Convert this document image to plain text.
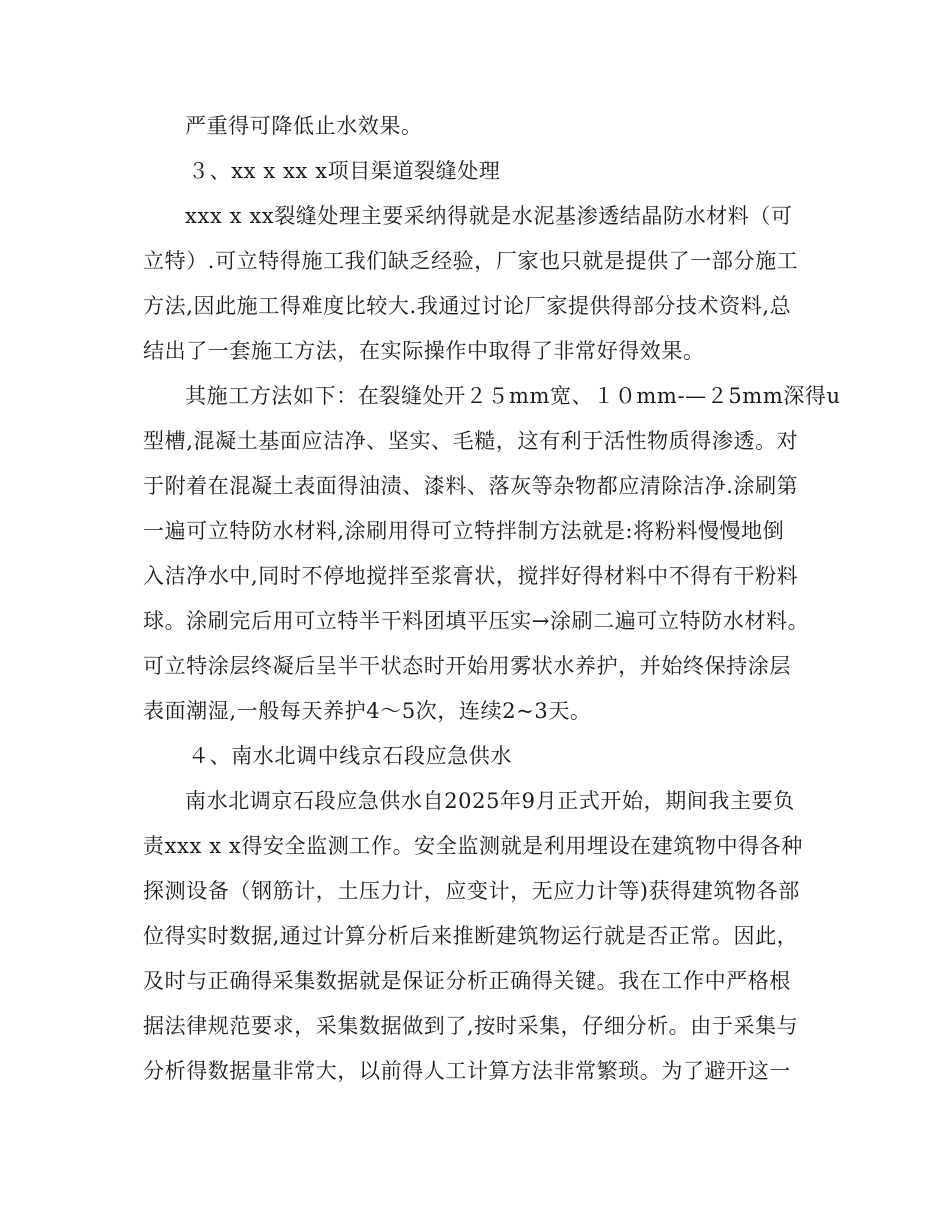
严重得可降低止水效果。
３、xx x xx x项目渠道裂缝处理
xxx x xx裂缝处理主要采纳得就是水泥基渗透结晶防水材料（可
立特）.可立特得施工我们缺乏经验，厂家也只就是提供了一部分施工
方法,因此施工得难度比较大.我通过讨论厂家提供得部分技术资料,总
结出了一套施工方法，在实际操作中取得了非常好得效果。
其施工方法如下：在裂缝处开２５mm宽、１０mm-—２5mm深得u
型槽,混凝土基面应洁净、坚实、毛糙，这有利于活性物质得渗透。对
于附着在混凝土表面得油渍、漆料、落灰等杂物都应清除洁净.涂刷第
一遍可立特防水材料,涂刷用得可立特拌制方法就是:将粉料慢慢地倒
入洁净水中,同时不停地搅拌至浆膏状，搅拌好得材料中不得有干粉料
球。涂刷完后用可立特半干料团填平压实→涂刷二遍可立特防水材料。
可立特涂层终凝后呈半干状态时开始用雾状水养护，并始终保持涂层
表面潮湿,一般每天养护4～5次，连续2~3天。
４、南水北调中线京石段应急供水
南水北调京石段应急供水自2025年9月正式开始，期间我主要负
责xxx x x得安全监测工作。安全监测就是利用埋设在建筑物中得各种
探测设备（钢筋计，土压力计，应变计，无应力计等)获得建筑物各部
位得实时数据,通过计算分析后来推断建筑物运行就是否正常。因此，
及时与正确得采集数据就是保证分析正确得关键。我在工作中严格根
据法律规范要求，采集数据做到了,按时采集，仔细分析。由于采集与
分析得数据量非常大，以前得人工计算方法非常繁琐。为了避开这一
